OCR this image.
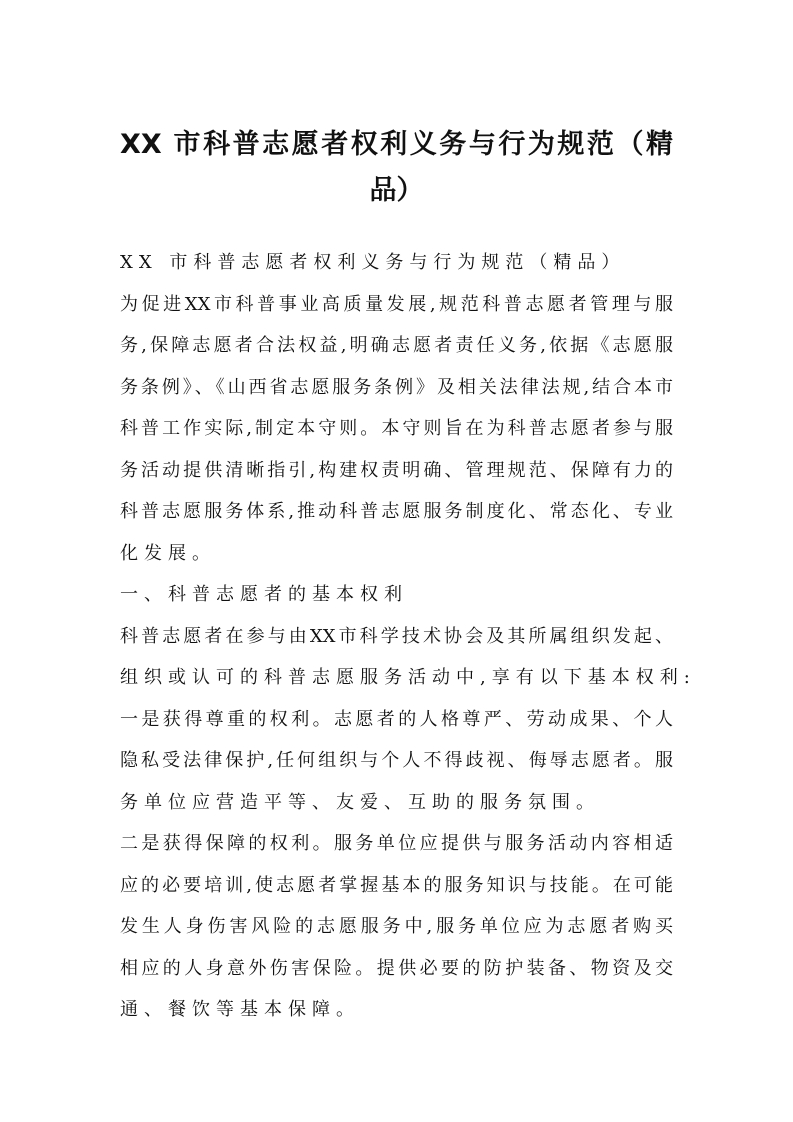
XX 市科普志愿者权利义务与行为规范（精
品）
XX 市科普志愿者权利义务与行为规范（精品）
为促进XX市科普事业高质量发展,规范科普志愿者管理与服
务,保障志愿者合法权益,明确志愿者责任义务,依据《志愿服
务条例》、《山西省志愿服务条例》及相关法律法规,结合本市
科普工作实际,制定本守则。本守则旨在为科普志愿者参与服
务活动提供清晰指引,构建权责明确、管理规范、保障有力的
科普志愿服务体系,推动科普志愿服务制度化、常态化、专业
化发展。
一、科普志愿者的基本权利
科普志愿者在参与由XX市科学技术协会及其所属组织发起、
组织或认可的科普志愿服务活动中,享有以下基本权利:
一是获得尊重的权利。志愿者的人格尊严、劳动成果、个人
隐私受法律保护,任何组织与个人不得歧视、侮辱志愿者。服
务单位应营造平等、友爱、互助的服务氛围。
二是获得保障的权利。服务单位应提供与服务活动内容相适
应的必要培训,使志愿者掌握基本的服务知识与技能。在可能
发生人身伤害风险的志愿服务中,服务单位应为志愿者购买
相应的人身意外伤害保险。提供必要的防护装备、物资及交
通、餐饮等基本保障。
